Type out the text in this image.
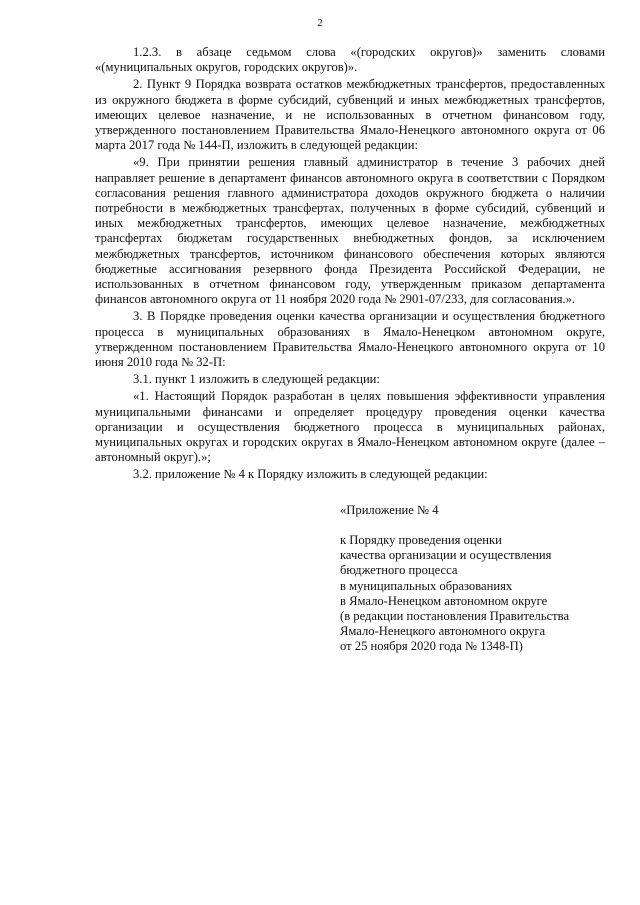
2

1.2.3. в абзаце седьмом слова «(городских округов)» заменить словами «(муниципальных округов, городских округов)».

2. Пункт 9 Порядка возврата остатков межбюджетных трансфертов, предоставленных из окружного бюджета в форме субсидий, субвенций и иных межбюджетных трансфертов, имеющих целевое назначение, и не использованных в отчетном финансовом году, утвержденного постановлением Правительства Ямало-Ненецкого автономного округа от 06 марта 2017 года № 144-П, изложить в следующей редакции:

«9. При принятии решения главный администратор в течение 3 рабочих дней направляет решение в департамент финансов автономного округа в соответствии с Порядком согласования решения главного администратора доходов окружного бюджета о наличии потребности в межбюджетных трансфертах, полученных в форме субсидий, субвенций и иных межбюджетных трансфертов, имеющих целевое назначение, межбюджетных трансфертах бюджетам государственных внебюджетных фондов, за исключением межбюджетных трансфертов, источником финансового обеспечения которых являются бюджетные ассигнования резервного фонда Президента Российской Федерации, не использованных в отчетном финансовом году, утвержденным приказом департамента финансов автономного округа от 11 ноября 2020 года № 2901-07/233, для согласования.».

3. В Порядке проведения оценки качества организации и осуществления бюджетного процесса в муниципальных образованиях в Ямало-Ненецком автономном округе, утвержденном постановлением Правительства Ямало-Ненецкого автономного округа от 10 июня 2010 года № 32-П:

3.1. пункт 1 изложить в следующей редакции:

«1. Настоящий Порядок разработан в целях повышения эффективности управления муниципальными финансами и определяет процедуру проведения оценки качества организации и осуществления бюджетного процесса в муниципальных районах, муниципальных округах и городских округах в Ямало-Ненецком автономном округе (далее – автономный округ).»;

3.2. приложение № 4 к Порядку изложить в следующей редакции:

«Приложение № 4

к Порядку проведения оценки

качества организации и осуществления

бюджетного процесса

в муниципальных образованиях

в Ямало-Ненецком автономном округе

(в редакции постановления Правительства

Ямало-Ненецкого автономного округа

от 25 ноября 2020 года № 1348-П)
